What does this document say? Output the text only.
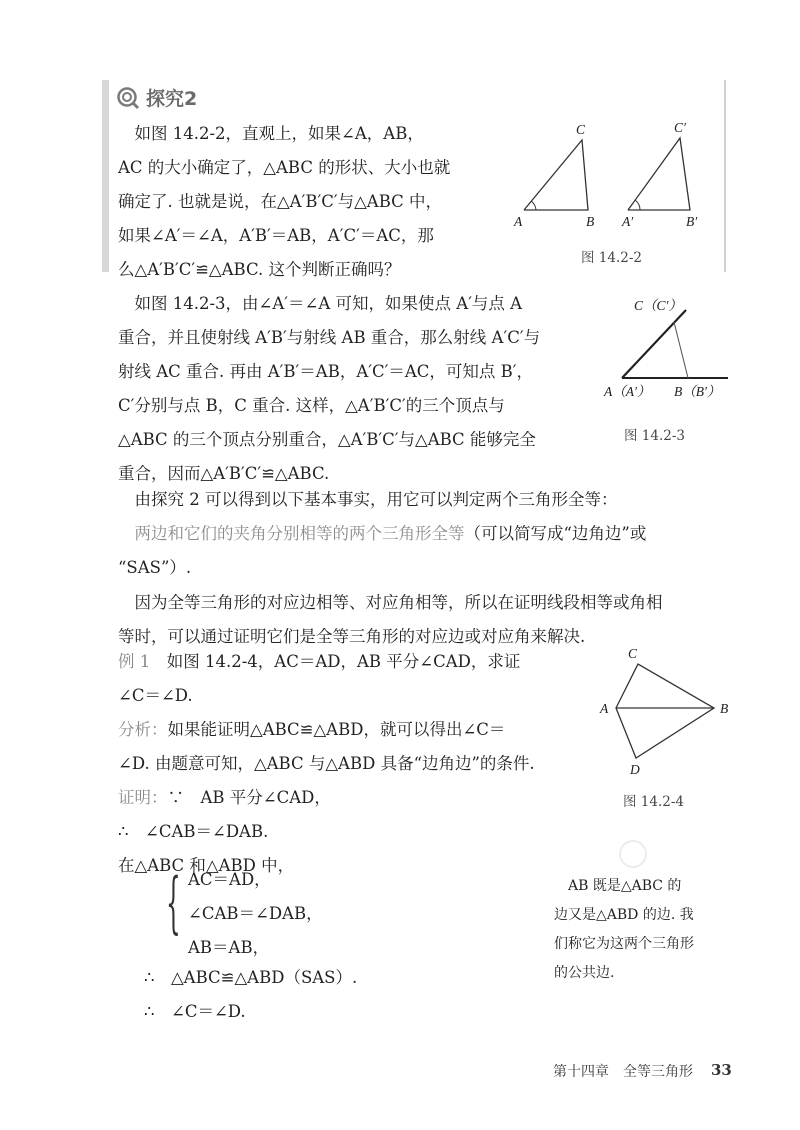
探究2
　如图 14.2-2，直观上，如果∠A，AB，
AC 的大小确定了，△ABC 的形状、大小也就
确定了. 也就是说，在△A′B′C′与△ABC 中，
如果∠A′＝∠A，A′B′＝AB，A′C′＝AC，那
么△A′B′C′≌△ABC. 这个判断正确吗？
C
A	B
C′
A′	B′
图 14.2-2
　如图 14.2-3，由∠A′＝∠A 可知，如果使点 A′与点 A
重合，并且使射线 A′B′与射线 AB 重合，那么射线 A′C′与
射线 AC 重合. 再由 A′B′＝AB，A′C′＝AC，可知点 B′，
C′分别与点 B，C 重合. 这样，△A′B′C′的三个顶点与
△ABC 的三个顶点分别重合，△A′B′C′与△ABC 能够完全
重合，因而△A′B′C′≌△ABC.
C（C′）
A（A′） B（B′）
图 14.2-3
　由探究 2 可以得到以下基本事实，用它可以判定两个三角形全等：
　两边和它们的夹角分别相等的两个三角形全等（可以简写成“边角边”或
“SAS”）.
　因为全等三角形的对应边相等、对应角相等，所以在证明线段相等或角相
等时，可以通过证明它们是全等三角形的对应边或对应角来解决.
例 1　如图 14.2-4，AC＝AD，AB 平分∠CAD，求证
∠C＝∠D.
分析：如果能证明△ABC≌△ABD，就可以得出∠C＝
∠D. 由题意可知，△ABC 与△ABD 具备“边角边”的条件.
证明：∵　AB 平分∠CAD，
∴　∠CAB＝∠DAB.
在△ABC 和△ABD 中，
{ AC＝AD，
∠CAB＝∠DAB，
AB＝AB，
∴　△ABC≌△ABD（SAS）.
∴　∠C＝∠D.
C
A	B
D
图 14.2-4
　AB 既是△ABC 的
边又是△ABD 的边. 我
们称它为这两个三角形
的公共边.
第十四章　全等三角形 33
